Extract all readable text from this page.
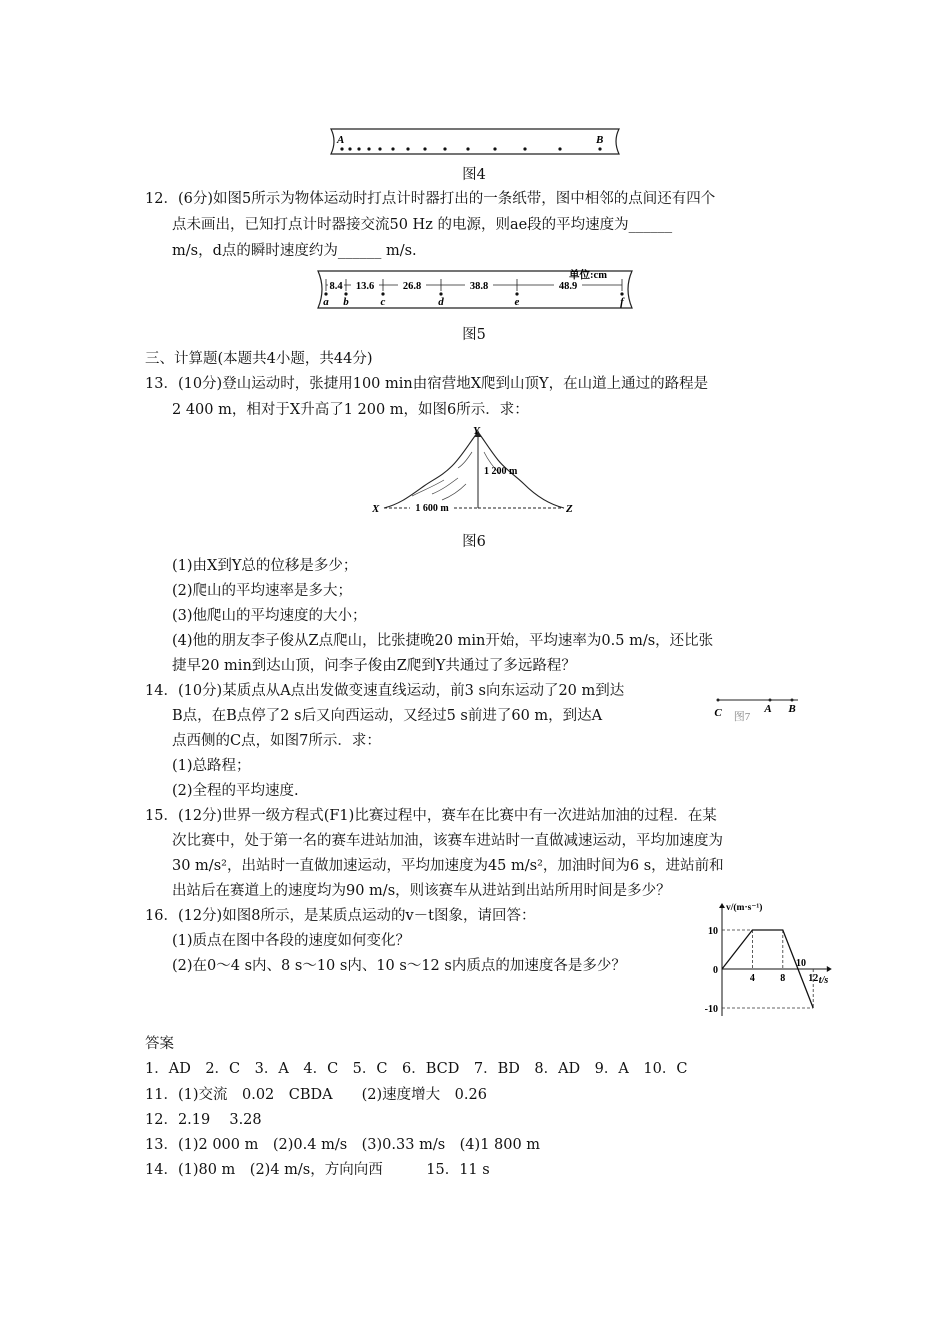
A	B
图4
12．(6分)如图5所示为物体运动时打点计时器打出的一条纸带，图中相邻的点间还有四个
点未画出，已知打点计时器接交流50 Hz 的电源，则ae段的平均速度为______
m/s，d点的瞬时速度约为______ m/s.
8.4 13.6	26.8	38.8	48.9
单位:cm
a b	c	d	e	f
图5
三、计算题(本题共4小题，共44分)
13．(10分)登山运动时，张捷用100 min由宿营地X爬到山顶Y，在山道上通过的路程是
2 400 m，相对于X升高了1 200 m，如图6所示．求：
1 600 m
1 200 m
Y
X	Z
图6
(1)由X到Y总的位移是多少；
(2)爬山的平均速率是多大；
(3)他爬山的平均速度的大小；
(4)他的朋友李子俊从Z点爬山，比张捷晚20 min开始，平均速率为0.5 m/s，还比张
捷早20 min到达山顶，问李子俊由Z爬到Y共通过了多远路程？
14．(10分)某质点从A点出发做变速直线运动，前3 s向东运动了20 m到达
B点，在B点停了2 s后又向西运动，又经过5 s前进了60 m，到达A
点西侧的C点，如图7所示．求：
(1)总路程；
(2)全程的平均速度.
C	A B
图7
15．(12分)世界一级方程式(F1)比赛过程中，赛车在比赛中有一次进站加油的过程．在某
次比赛中，处于第一名的赛车进站加油，该赛车进站时一直做减速运动，平均加速度为
30 m/s²，出站时一直做加速运动，平均加速度为45 m/s²，加油时间为6 s，进站前和
出站后在赛道上的速度均为90 m/s，则该赛车从进站到出站所用时间是多少？
16．(12分)如图8所示，是某质点运动的v－t图象，请回答：
(1)质点在图中各段的速度如何变化？
(2)在0～4 s内、8 s～10 s内、10 s～12 s内质点的加速度各是多少？
4	8
10
12
10
0
-10
v/(m·s⁻¹)
t/s
答案
1．AD　2．C　3．A　4．C　5．C　6．BCD　7．BD　8．AD　9．A　10．C
11．(1)交流　0.02　CBDA　　(2)速度增大　0.26
12．2.19　 3.28
13．(1)2 000 m　(2)0.4 m/s　(3)0.33 m/s　(4)1 800 m
14．(1)80 m　(2)4 m/s，方向向西　　　15．11 s
